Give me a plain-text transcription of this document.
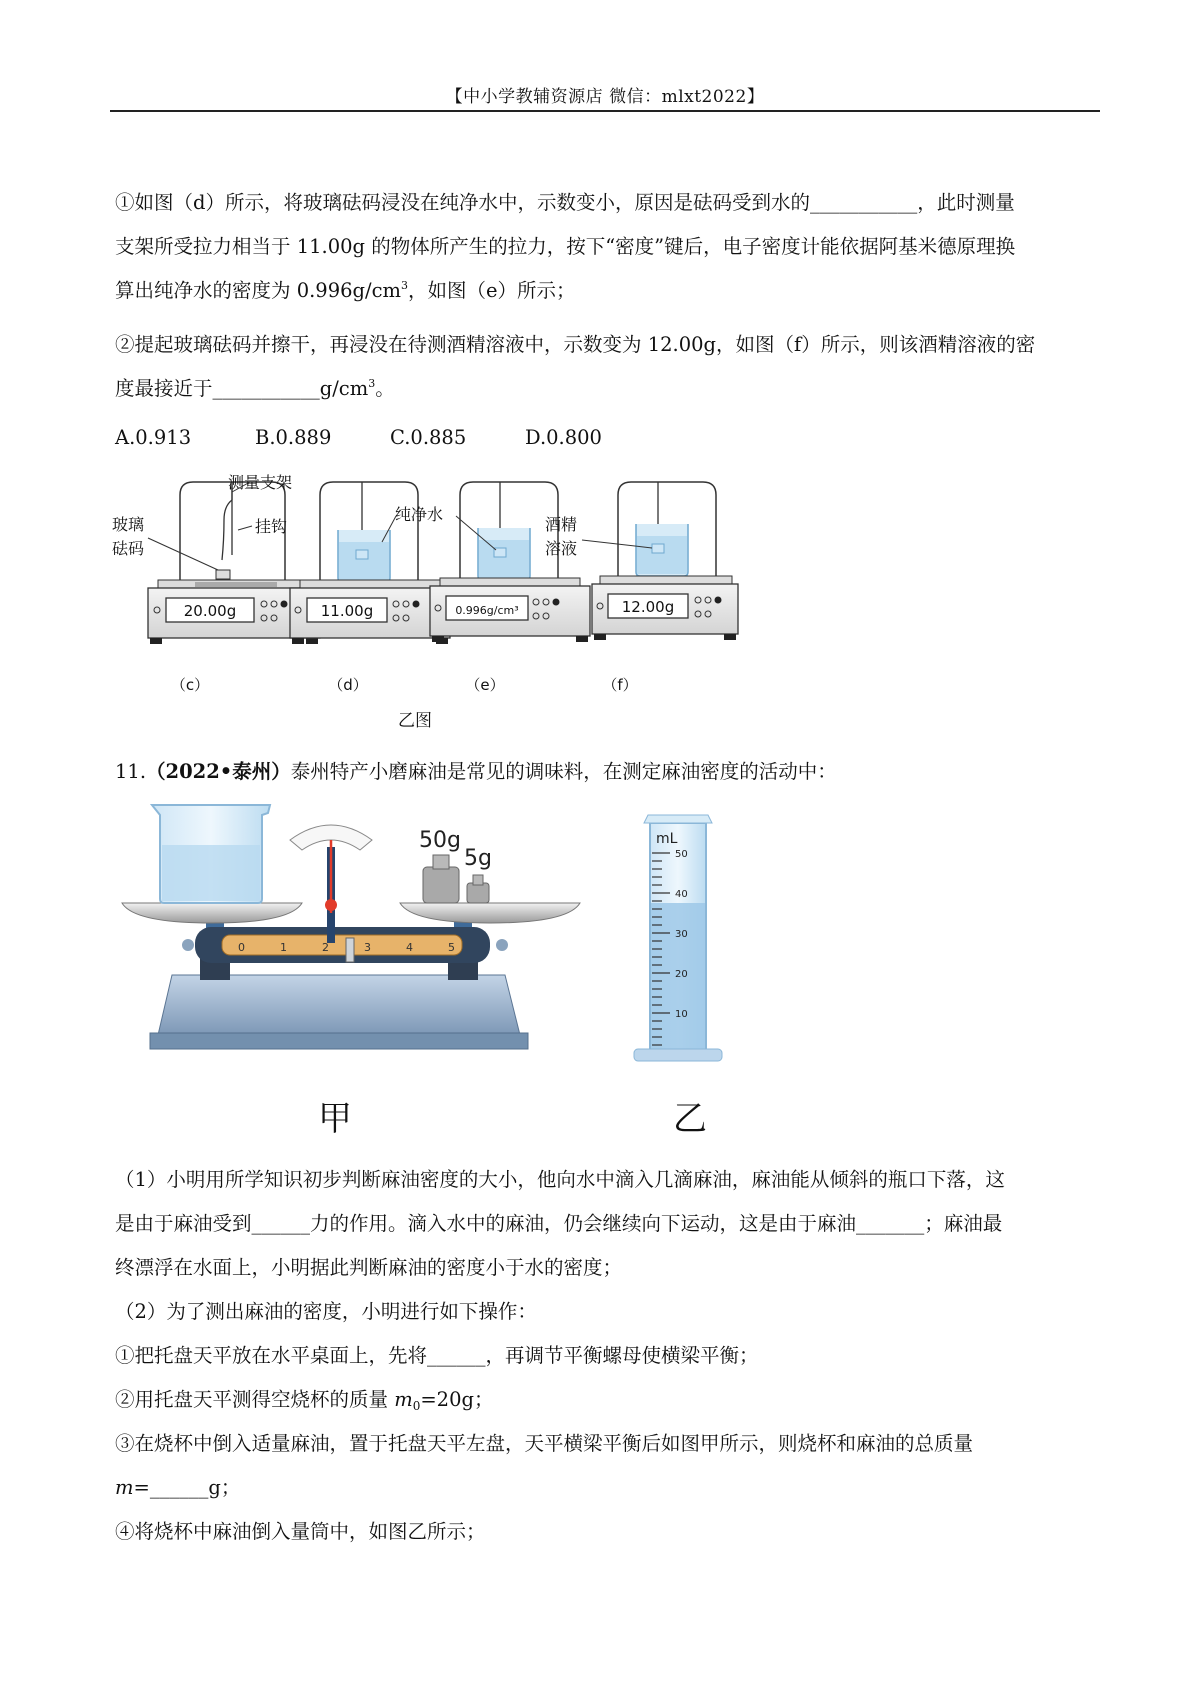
【中小学教辅资源店 微信：mlxt2022】

①如图（d）所示，将玻璃砝码浸没在纯净水中，示数变小，原因是砝码受到水的___________，此时测量

支架所受拉力相当于 11.00g 的物体所产生的拉力，按下“密度”键后，电子密度计能依据阿基米德原理换

算出纯净水的密度为 $0.996g/cm^3$，如图（e）所示；

②提起玻璃砝码并擦干，再浸没在待测酒精溶液中，示数变为 12.00g，如图（f）所示，则该酒精溶液的密

度最接近于$\_\_\_\_\_\_\_\_\_\_\_g/cm^3$。

A.0.913	B.0.889	C.0.885	D.0.800
20.00g	11.00g	0.996g/cm³	12.00g
测量支架
玻璃
砝码
挂钩
纯净水
酒精
溶液
（c）	（d）	（e）	（f）
乙图

11.（2022•泰州）泰州特产小磨麻油是常见的调味料，在测定麻油密度的活动中：

50g
5g
0	1	2	3	4	5
甲
mL
50
40
30
20
10
乙

（1）小明用所学知识初步判断麻油密度的大小，他向水中滴入几滴麻油，麻油能从倾斜的瓶口下落，这

是由于麻油受到______力的作用。滴入水中的麻油，仍会继续向下运动，这是由于麻油_______；麻油最

终漂浮在水面上，小明据此判断麻油的密度小于水的密度；

（2）为了测出麻油的密度，小明进行如下操作：

①把托盘天平放在水平桌面上，先将______，再调节平衡螺母使横梁平衡；

②用托盘天平测得空烧杯的质量 $m_0=20g$；

③在烧杯中倒入适量麻油，置于托盘天平左盘，天平横梁平衡后如图甲所示，则烧杯和麻油的总质量

m=______g；

④将烧杯中麻油倒入量筒中，如图乙所示；
